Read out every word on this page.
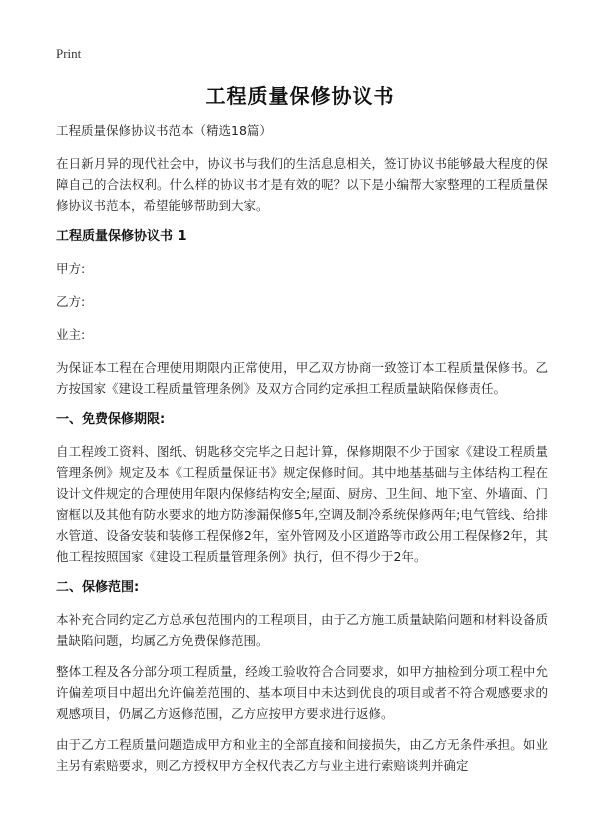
Print
工程质量保修协议书

工程质量保修协议书范本（精选18篇）

在日新月异的现代社会中，协议书与我们的生活息息相关，签订协议书能够最大程度的保障自己的合法权利。什么样的协议书才是有效的呢？以下是小编帮大家整理的工程质量保修协议书范本，希望能够帮助到大家。

工程质量保修协议书 1
甲方:
乙方:
业主:

为保证本工程在合理使用期限内正常使用，甲乙双方协商一致签订本工程质量保修书。乙方按国家《建设工程质量管理条例》及双方合同约定承担工程质量缺陷保修责任。

一、免费保修期限:

自工程竣工资料、图纸、钥匙移交完毕之日起计算，保修期限不少于国家《建设工程质量管理条例》规定及本《工程质量保证书》规定保修时间。其中地基基础与主体结构工程在设计文件规定的合理使用年限内保修结构安全;屋面、厨房、卫生间、地下室、外墙面、门窗框以及其他有防水要求的地方防渗漏保修5年,空调及制冷系统保修两年;电气管线、给排水管道、设备安装和装修工程保修2年，室外管网及小区道路等市政公用工程保修2年，其他工程按照国家《建设工程质量管理条例》执行，但不得少于2年。

二、保修范围:

本补充合同约定乙方总承包范围内的工程项目，由于乙方施工质量缺陷问题和材料设备质量缺陷问题，均属乙方免费保修范围。

整体工程及各分部分项工程质量，经竣工验收符合合同要求，如甲方抽检到分项工程中允许偏差项目中超出允许偏差范围的、基本项目中未达到优良的项目或者不符合观感要求的观感项目，仍属乙方返修范围，乙方应按甲方要求进行返修。

由于乙方工程质量问题造成甲方和业主的全部直接和间接损失，由乙方无条件承担。如业主另有索赔要求，则乙方授权甲方全权代表乙方与业主进行索赔谈判并确定
